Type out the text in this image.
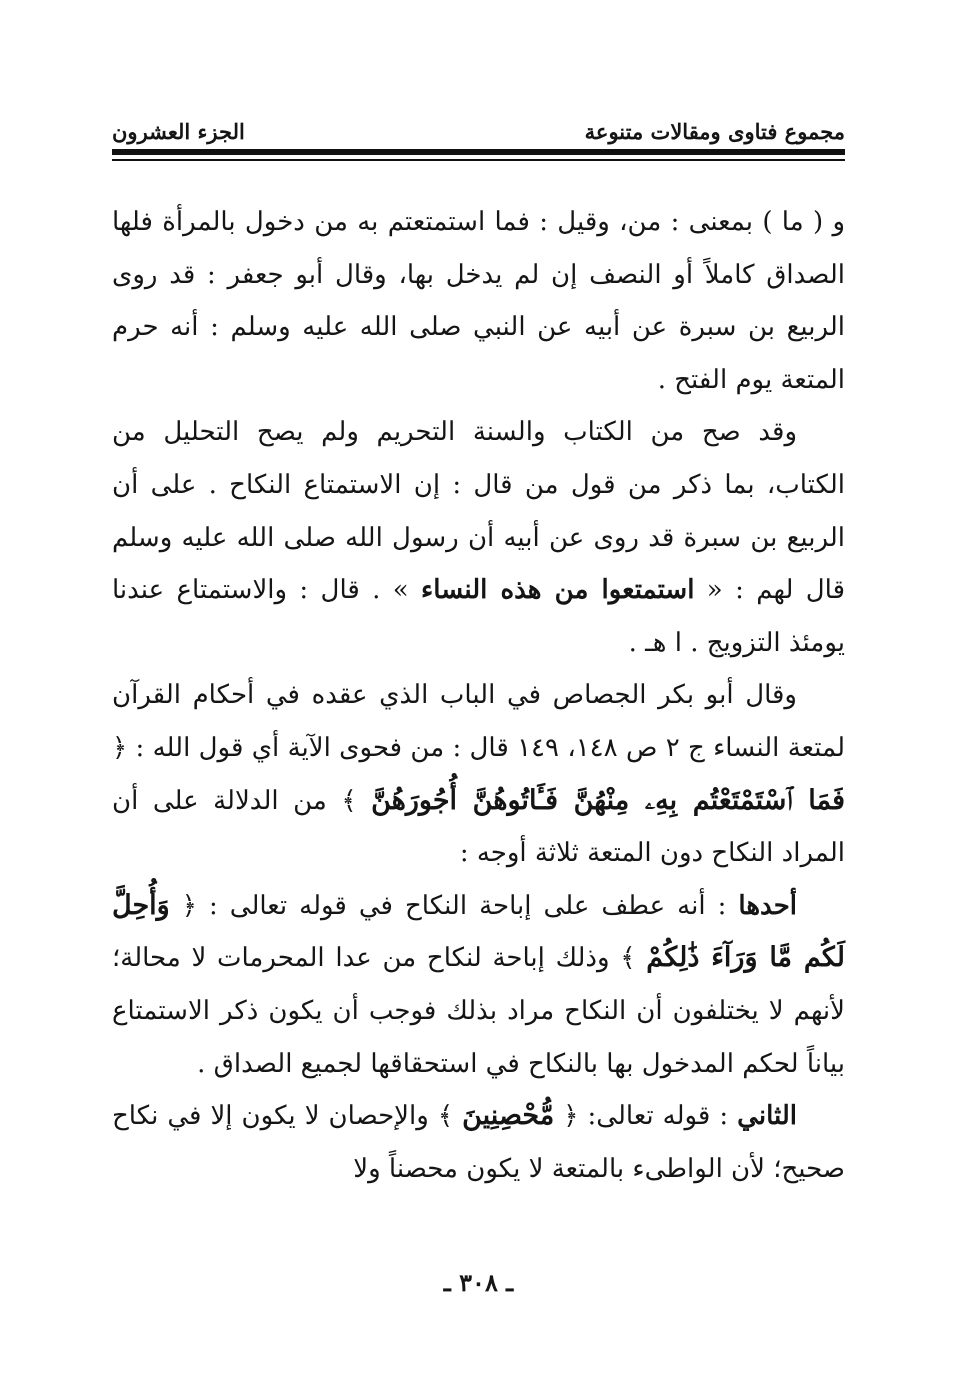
مجموع فتاوى ومقالات متنوعة
الجزء العشرون

و ( ما ) بمعنى : من، وقيل : فما استمتعتم به من دخول بالمرأة فلها الصداق كاملاً أو النصف إن لم يدخل بها، وقال أبو جعفر : قد روى الربيع بن سبرة عن أبيه عن النبي صلى الله عليه وسلم : أنه حرم المتعة يوم الفتح .

وقد صح من الكتاب والسنة التحريم ولم يصح التحليل من الكتاب، بما ذكر من قول من قال : إن الاستمتاع النكاح . على أن الربيع بن سبرة قد روى عن أبيه أن رسول الله صلى الله عليه وسلم قال لهم : « استمتعوا من هذه النساء » . قال : والاستمتاع عندنا يومئذ التزويج . ا هـ .

وقال أبو بكر الجصاص في الباب الذي عقده في أحكام القرآن لمتعة النساء ج ٢ ص ١٤٨، ١٤٩ قال : من فحوى الآية أي قول الله : ﴿ فَمَا ٱسْتَمْتَعْتُم بِهِۦ مِنْهُنَّ فَـَٔاتُوهُنَّ أُجُورَهُنَّ ﴾ من الدلالة على أن المراد النكاح دون المتعة ثلاثة أوجه :

أحدها : أنه عطف على إباحة النكاح في قوله تعالى : ﴿ وَأُحِلَّ لَكُم مَّا وَرَآءَ ذَٰلِكُمْ ﴾ وذلك إباحة لنكاح من عدا المحرمات لا محالة؛ لأنهم لا يختلفون أن النكاح مراد بذلك فوجب أن يكون ذكر الاستمتاع بياناً لحكم المدخول بها بالنكاح في استحقاقها لجميع الصداق .

الثاني : قوله تعالى: ﴿ مُّحْصِنِينَ ﴾ والإحصان لا يكون إلا في نكاح صحيح؛ لأن الواطىء بالمتعة لا يكون محصناً ولا

ـ ٣٠٨ ـ
